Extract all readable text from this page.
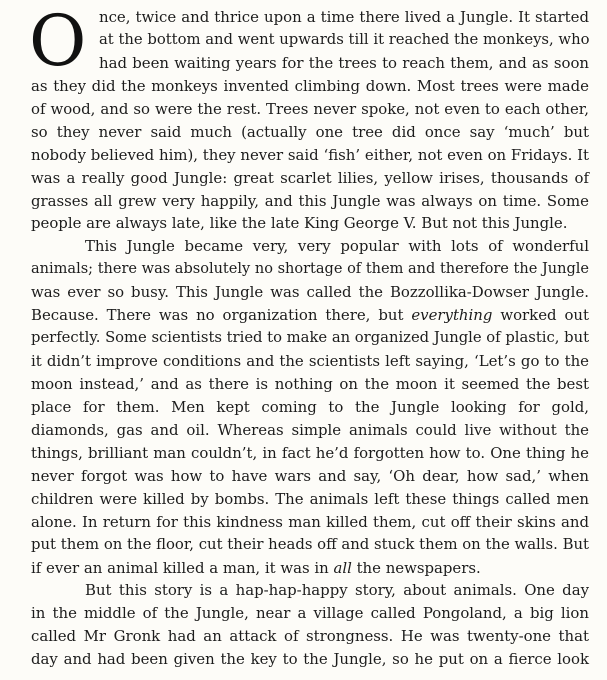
O nce, twice and thrice upon a time there lived a Jungle. It started
at the bottom and went upwards till it reached the monkeys, who
had been waiting years for the trees to reach them, and as soon
as they did the monkeys invented climbing down. Most trees were made
of wood, and so were the rest. Trees never spoke, not even to each other,
so they never said much (actually one tree did once say ‘much’ but
nobody believed him), they never said ‘fish’ either, not even on Fridays. It
was a really good Jungle: great scarlet lilies, yellow irises, thousands of
grasses all grew very happily, and this Jungle was always on time. Some
people are always late, like the late King George V. But not this Jungle.
This Jungle became very, very popular with lots of wonderful
animals; there was absolutely no shortage of them and therefore the Jungle
was ever so busy. This Jungle was called the Bozzollika-Dowser Jungle.
Because. There was no organization there, but everything worked out
perfectly. Some scientists tried to make an organized Jungle of plastic, but
it didn’t improve conditions and the scientists left saying, ‘Let’s go to the
moon instead,’ and as there is nothing on the moon it seemed the best
place for them. Men kept coming to the Jungle looking for gold,
diamonds, gas and oil. Whereas simple animals could live without the
things, brilliant man couldn’t, in fact he’d forgotten how to. One thing he
never forgot was how to have wars and say, ‘Oh dear, how sad,’ when
children were killed by bombs. The animals left these things called men
alone. In return for this kindness man killed them, cut off their skins and
put them on the floor, cut their heads off and stuck them on the walls. But
if ever an animal killed a man, it was in all the newspapers.
But this story is a hap-hap-happy story, about animals. One day
in the middle of the Jungle, near a village called Pongoland, a big lion
called Mr Gronk had an attack of strongness. He was twenty-one that
day and had been given the key to the Jungle, so he put on a fierce look
